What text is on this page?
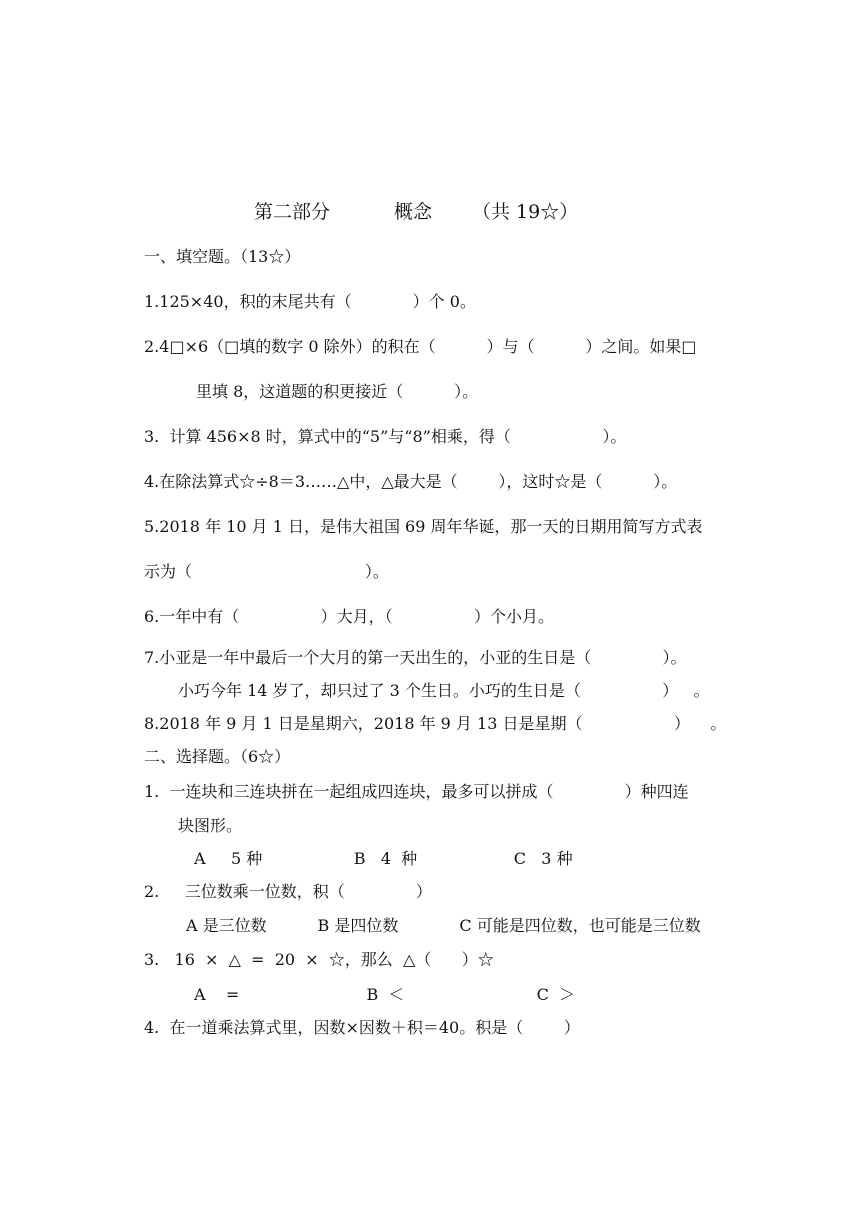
第二部分	概念 （共 19☆）
一、填空题。（13☆）
1.125×40，积的末尾共有（            ）个 0。
2.4□×6（□填的数字 0 除外）的积在（          ）与（          ）之间。如果□
里填 8，这道题的积更接近（          ）。
3.  计算 456×8 时，算式中的“5”与“8”相乘，得（                  ）。
4.在除法算式☆÷8＝3……△中，△最大是（        ），这时☆是（          ）。
5.2018 年 10 月 1 日，是伟大祖国 69 周年华诞，那一天的日期用简写方式表
示为（                                  ）。
6.一年中有（                ）大月，（                ）个小月。
7.小亚是一年中最后一个大月的第一天出生的，小亚的生日是（              ）。
小巧今年 14 岁了，却只过了 3 个生日。小巧的生日是（                ）   。
8.2018 年 9 月 1 日是星期六，2018 年 9 月 13 日是星期（                  ）    。
二、选择题。（6☆）
1.  一连块和三连块拼在一起组成四连块，最多可以拼成（              ）种四连
块图形。
A     5 种                  B   4  种                   C   3 种
2.     三位数乘一位数，积（              ）
A 是三位数          B 是四位数            C 可能是四位数，也可能是三位数
3.   16  ×  △  =  20  ×  ☆，那么  △（      ）☆
A    =                         B  ＜                          C  ＞
4.  在一道乘法算式里，因数×因数＋积＝40。积是（        ）
